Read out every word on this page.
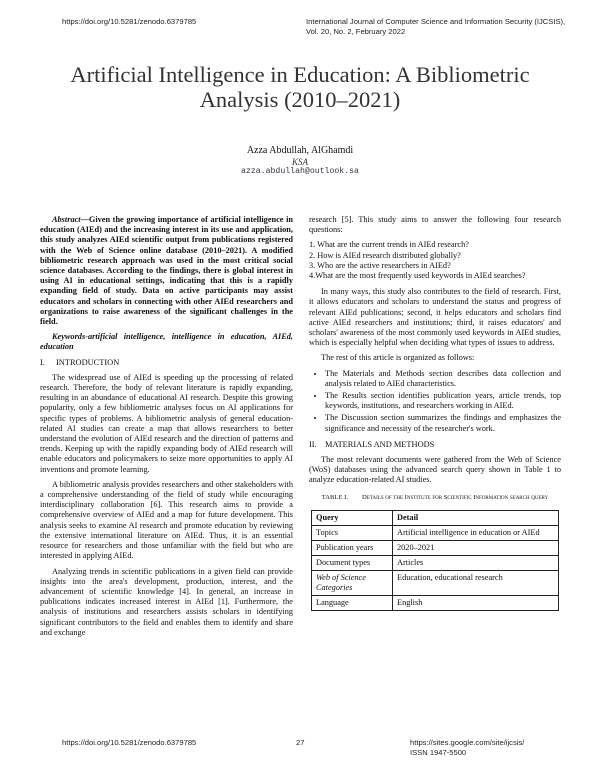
https://doi.org/10.5281/zenodo.6379785	International Journal of Computer Science and Information Security (IJCSIS),
Vol. 20, No. 2, February 2022
Artificial Intelligence in Education: A Bibliometric
Analysis (2010–2021)
Azza Abdullah, AlGhamdi
KSA
azza.abdullah@outlook.sa

Abstract—Given the growing importance of artificial intelligence in education (AIEd) and the increasing interest in its use and application, this study analyzes AIEd scientific output from publications registered with the Web of Science online database (2010–2021). A modified bibliometric research approach was used in the most critical social science databases. According to the findings, there is global interest in using AI in educational settings, indicating that this is a rapidly expanding field of study. Data on active participants may assist educators and scholars in connecting with other AIEd researchers and organizations to raise awareness of the significant challenges in the field.

Keywords-artificial intelligence, intelligence in education, AIEd, education

I. INTRODUCTION

The widespread use of AIEd is speeding up the processing of related research. Therefore, the body of relevant literature is rapidly expanding, resulting in an abundance of educational AI research. Despite this growing popularity, only a few bibliometric analyses focus on AI applications for specific types of problems. A bibliometric analysis of general education-related AI studies can create a map that allows researchers to better understand the evolution of AIEd research and the direction of patterns and trends. Keeping up with the rapidly expanding body of AIEd research will enable educators and policymakers to seize more opportunities to apply AI inventions and promote learning.

A bibliometric analysis provides researchers and other stakeholders with a comprehensive understanding of the field of study while encouraging interdisciplinary collaboration [6]. This research aims to provide a comprehensive overview of AIEd and a map for future development. This analysis seeks to examine AI research and promote education by reviewing the extensive international literature on AIEd. Thus, it is an essential resource for researchers and those unfamiliar with the field but who are interested in applying AIEd.

Analyzing trends in scientific publications in a given field can provide insights into the area's development, production, interest, and the advancement of scientific knowledge [4]. In general, an increase in publications indicates increased interest in AIEd [1]. Furthermore, the analysis of institutions and researchers assists scholars in identifying significant contributors to the field and enables them to identify and share and exchange

research [5]. This study aims to answer the following four research questions:

1. What are the current trends in AIEd research?
2. How is AIEd research distributed globally?
3. Who are the active researchers in AIEd?
4.What are the most frequently used keywords in AIEd searches?

In many ways, this study also contributes to the field of research. First, it allows educators and scholars to understand the status and progress of relevant AIEd publications; second, it helps educators and scholars find active AIEd researchers and institutions; third, it raises educators' and scholars' awareness of the most commonly used keywords in AIEd studies, which is especially helpful when deciding what types of issues to address.

The rest of this article is organized as follows:

• The Materials and Methods section describes data collection and analysis related to AIEd characteristics.
• The Results section identifies publication years, article trends, top keywords, institutions, and researchers working in AIEd.
• The Discussion section summarizes the findings and emphasizes the significance and necessity of the researcher's work.
II. MATERIALS AND METHODS

The most relevant documents were gathered from the Web of Science (WoS) databases using the advanced search query shown in Table 1 to analyze education-related AI studies.

TABLE I. Details of the Institute for Scientific Information search query
Query	Detail
Topics	Artificial intelligence in education or AIEd
Publication years	2020–2021
Document types	Articles
Web of Science Categories	Education, educational research
Language	English
https://doi.org/10.5281/zenodo.6379785	27	https://sites.google.com/site/ijcsis/
ISSN 1947-5500
